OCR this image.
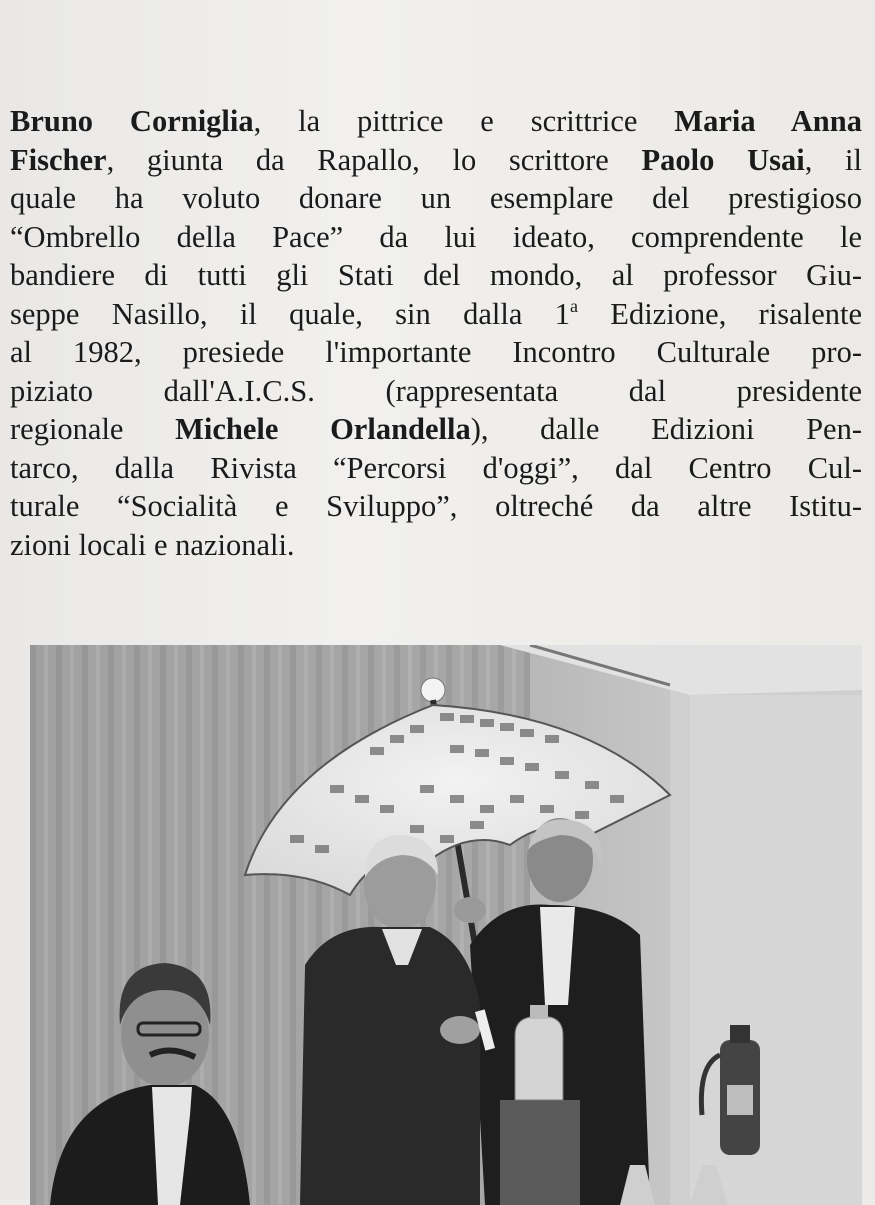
Bruno Corniglia, la pittrice e scrittrice Maria Anna
Fischer, giunta da Rapallo, lo scrittore Paolo Usai, il
quale ha voluto donare un esemplare del prestigioso
“Ombrello della Pace” da lui ideato, comprendente le
bandiere di tutti gli Stati del mondo, al professor Giu-
seppe Nasillo, il quale, sin dalla 1$^a$ Edizione, risalente
al 1982, presiede l'importante Incontro Culturale pro-
piziato dall'A.I.C.S. (rappresentata dal presidente
regionale Michele Orlandella), dalle Edizioni Pen-
tarco, dalla Rivista “Percorsi d'oggi”, dal Centro Cul-
turale “Socialità e Sviluppo”, oltreché da altre Istitu-
zioni locali e nazionali.
